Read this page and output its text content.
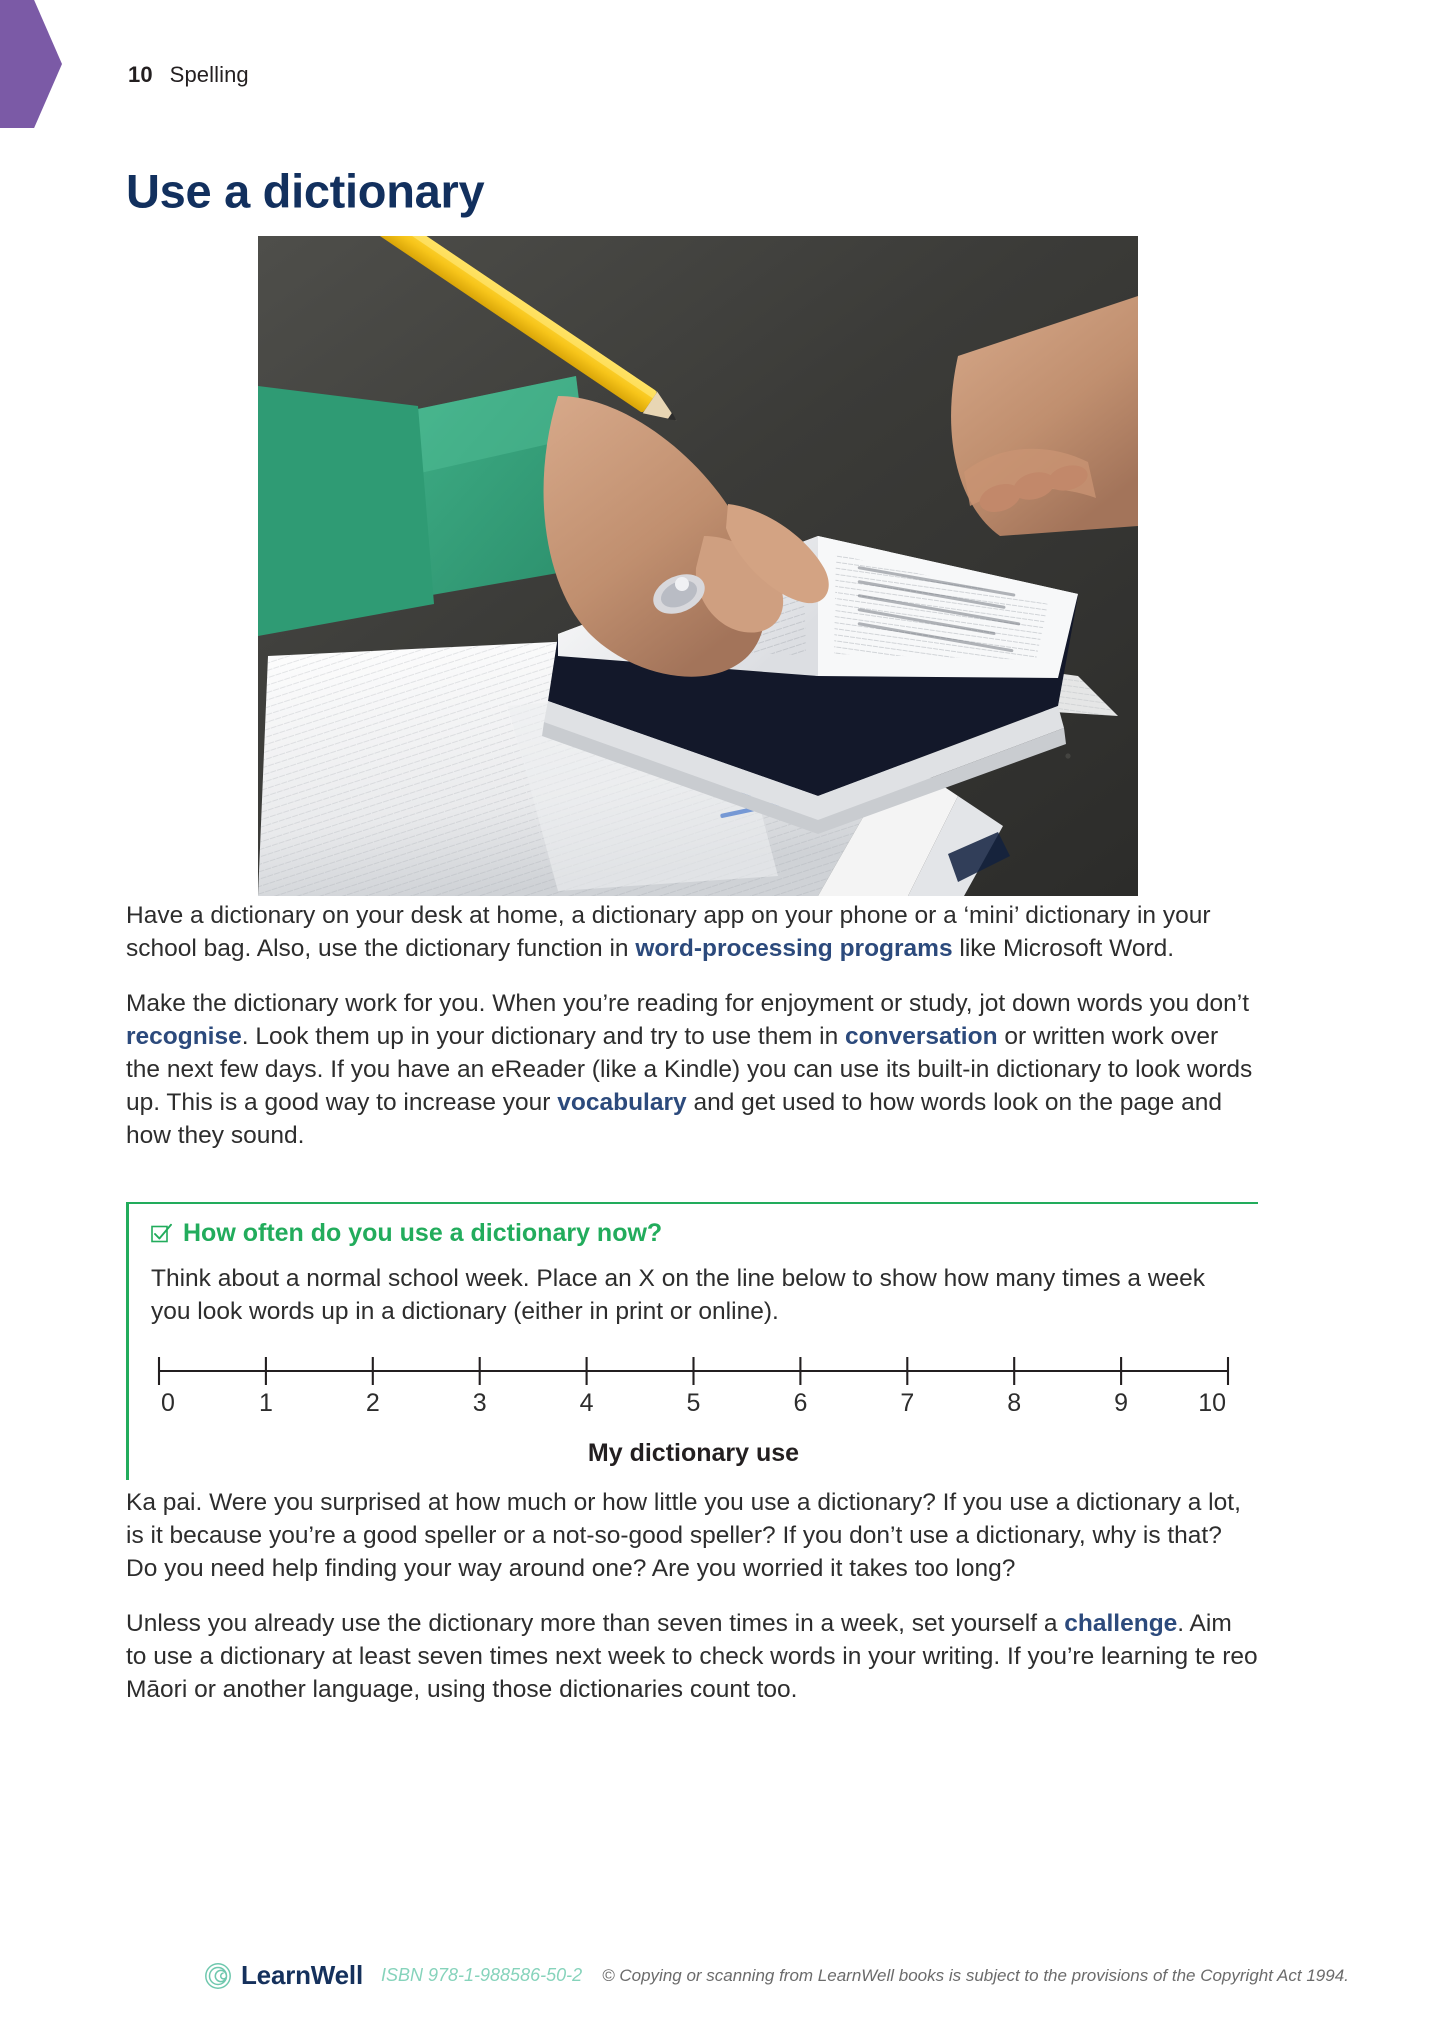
10 Spelling
Use a dictionary

Have a dictionary on your desk at home, a dictionary app on your phone or a ‘mini’ dictionary in your school bag. Also, use the dictionary function in word-processing programs like Microsoft Word.

Make the dictionary work for you. When you’re reading for enjoyment or study, jot down words you don’t recognise. Look them up in your dictionary and try to use them in conversation or written work over the next few days. If you have an eReader (like a Kindle) you can use its built-in dictionary to look words up. This is a good way to increase your vocabulary and get used to how words look on the page and how they sound.

How often do you use a dictionary now?

Think about a normal school week. Place an X on the line below to show how many times a week you look words up in a dictionary (either in print or online).

0	1	2	3	4	5	6	7	8	9	10
My dictionary use

Ka pai. Were you surprised at how much or how little you use a dictionary? If you use a dictionary a lot, is it because you’re a good speller or a not-so-good speller? If you don’t use a dictionary, why is that? Do you need help finding your way around one? Are you worried it takes too long?

Unless you already use the dictionary more than seven times in a week, set yourself a challenge. Aim to use a dictionary at least seven times next week to check words in your writing. If you’re learning te reo Māori or another language, using those dictionaries count too.

LearnWell ISBN 978-1-988586-50-2 © Copying or scanning from LearnWell books is subject to the provisions of the Copyright Act 1994.
